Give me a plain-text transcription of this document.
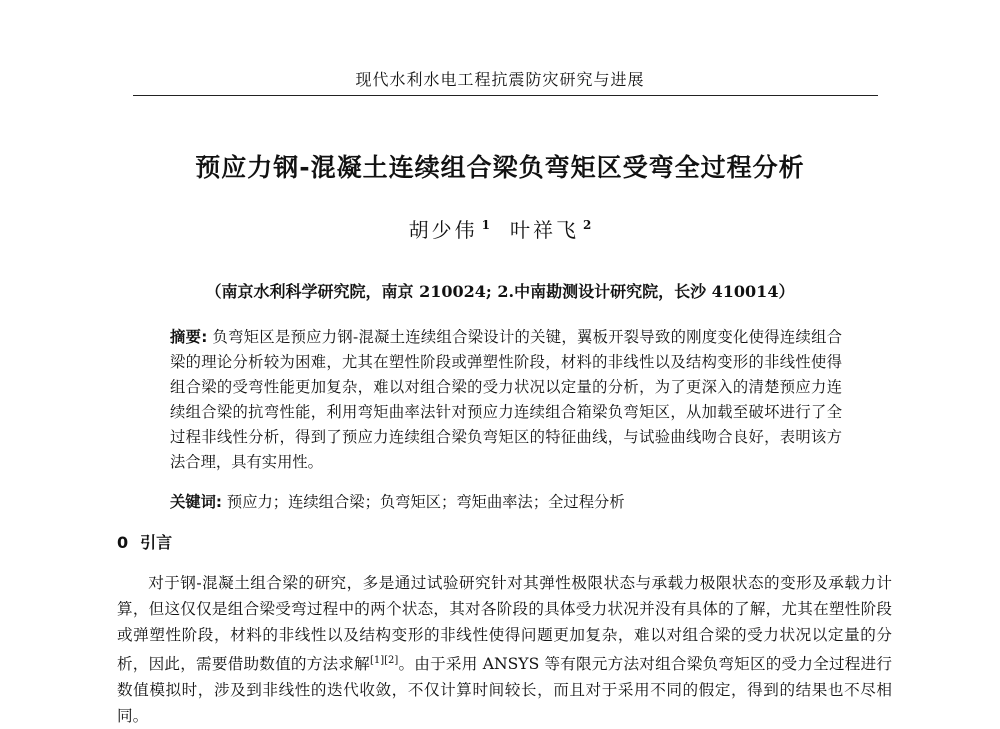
现代水利水电工程抗震防灾研究与进展
预应力钢-混凝土连续组合梁负弯矩区受弯全过程分析
胡少伟 $^1$ 叶祥飞 $^2$
（南京水利科学研究院，南京 210024; 2.中南勘测设计研究院，长沙 410014）
摘要: 负弯矩区是预应力钢-混凝土连续组合梁设计的关键，翼板开裂导致的刚度变化使得连续组合梁的理论分析较为困难，尤其在塑性阶段或弹塑性阶段，材料的非线性以及结构变形的非线性使得组合梁的受弯性能更加复杂，难以对组合梁的受力状况以定量的分析，为了更深入的清楚预应力连续组合梁的抗弯性能，利用弯矩曲率法针对预应力连续组合箱梁负弯矩区，从加载至破坏进行了全过程非线性分析，得到了预应力连续组合梁负弯矩区的特征曲线，与试验曲线吻合良好，表明该方法合理，具有实用性。
关键词: 预应力；连续组合梁；负弯矩区；弯矩曲率法；全过程分析
0 引言
对于钢-混凝土组合梁的研究，多是通过试验研究针对其弹性极限状态与承载力极限状态的变形及承载力计算，但这仅仅是组合梁受弯过程中的两个状态，其对各阶段的具体受力状况并没有具体的了解，尤其在塑性阶段或弹塑性阶段，材料的非线性以及结构变形的非线性使得问题更加复杂，难以对组合梁的受力状况以定量的分析，因此，需要借助数值的方法求解[1][2]。由于采用 ANSYS 等有限元方法对组合梁负弯矩区的受力全过程进行数值模拟时，涉及到非线性的迭代收敛，不仅计算时间较长，而且对于采用不同的假定，得到的结果也不尽相同。
